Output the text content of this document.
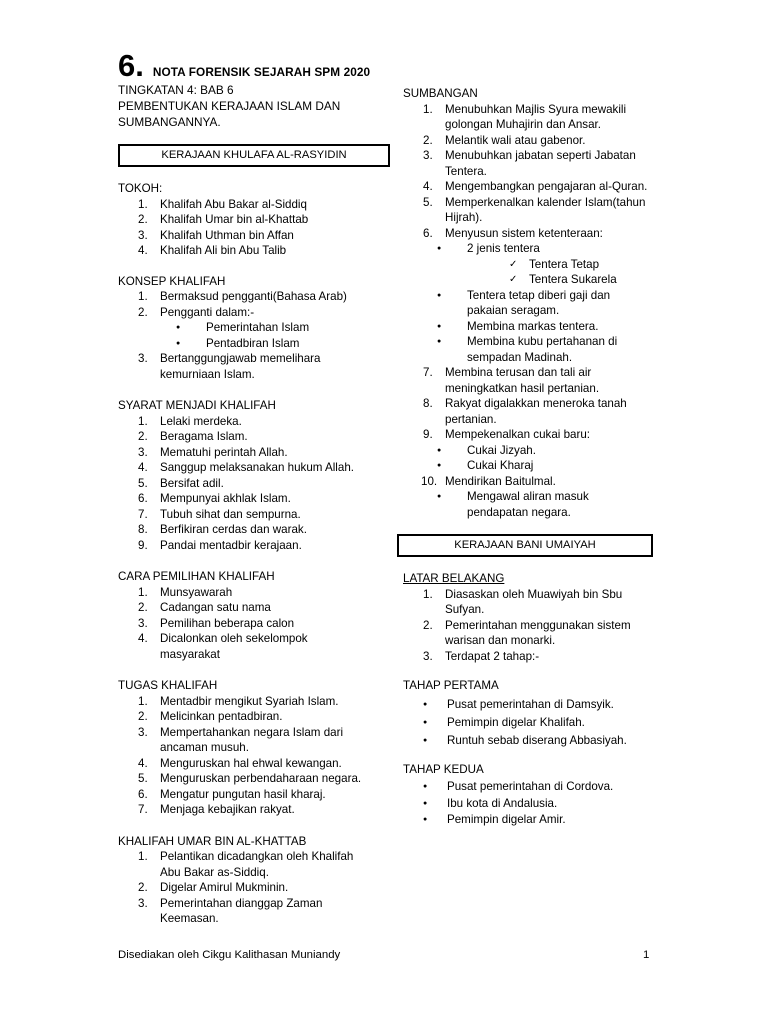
6. NOTA FORENSIK SEJARAH SPM 2020
TINGKATAN 4: BAB 6
PEMBENTUKAN KERAJAAN ISLAM DAN
SUMBANGANNYA.
KERAJAAN KHULAFA AL-RASYIDIN
TOKOH:
1. Khalifah Abu Bakar al-Siddiq
2. Khalifah Umar bin al-Khattab
3. Khalifah Uthman bin Affan
4. Khalifah Ali bin Abu Talib
KONSEP KHALIFAH
1. Bermaksud pengganti(Bahasa Arab)
2. Pengganti dalam:-
● Pemerintahan Islam
● Pentadbiran Islam
3. Bertanggungjawab memelihara
kemurniaan Islam.
SYARAT MENJADI KHALIFAH
1. Lelaki merdeka.
2. Beragama Islam.
3. Mematuhi perintah Allah.
4. Sanggup melaksanakan hukum Allah.
5. Bersifat adil.
6. Mempunyai akhlak Islam.
7. Tubuh sihat dan sempurna.
8. Berfikiran cerdas dan warak.
9. Pandai mentadbir kerajaan.
CARA PEMILIHAN KHALIFAH
1. Munsyawarah
2. Cadangan satu nama
3. Pemilihan beberapa calon
4. Dicalonkan oleh sekelompok
masyarakat
TUGAS KHALIFAH
1. Mentadbir mengikut Syariah Islam.
2. Melicinkan pentadbiran.
3. Mempertahankan negara Islam dari
ancaman musuh.
4. Menguruskan hal ehwal kewangan.
5. Menguruskan perbendaharaan negara.
6. Mengatur pungutan hasil kharaj.
7. Menjaga kebajikan rakyat.
KHALIFAH UMAR BIN AL-KHATTAB
1. Pelantikan dicadangkan oleh Khalifah
Abu Bakar as-Siddiq.
2. Digelar Amirul Mukminin.
3. Pemerintahan dianggap Zaman
Keemasan.
SUMBANGAN
1. Menubuhkan Majlis Syura mewakili
golongan Muhajirin dan Ansar.
2. Melantik wali atau gabenor.
3. Menubuhkan jabatan seperti Jabatan
Tentera.
4. Mengembangkan pengajaran al-Quran.
5. Memperkenalkan kalender Islam(tahun
Hijrah).
6. Menyusun sistem ketenteraan:
● 2 jenis tentera
✓ Tentera Tetap
✓ Tentera Sukarela
● Tentera tetap diberi gaji dan
pakaian seragam.
● Membina markas tentera.
● Membina kubu pertahanan di
sempadan Madinah.
7. Membina terusan dan tali air
meningkatkan hasil pertanian.
8. Rakyat digalakkan meneroka tanah
pertanian.
9. Mempekenalkan cukai baru:
● Cukai Jizyah.
● Cukai Kharaj
10. Mendirikan Baitulmal.
● Mengawal aliran masuk
pendapatan negara.
KERAJAAN BANI UMAIYAH
LATAR BELAKANG
1. Diasaskan oleh Muawiyah bin Sbu
Sufyan.
2. Pemerintahan menggunakan sistem
warisan dan monarki.
3. Terdapat 2 tahap:-
TAHAP PERTAMA
● Pusat pemerintahan di Damsyik.
● Pemimpin digelar Khalifah.
● Runtuh sebab diserang Abbasiyah.
TAHAP KEDUA
● Pusat pemerintahan di Cordova.
● Ibu kota di Andalusia.
● Pemimpin digelar Amir.
Disediakan oleh Cikgu Kalithasan Muniandy	1
